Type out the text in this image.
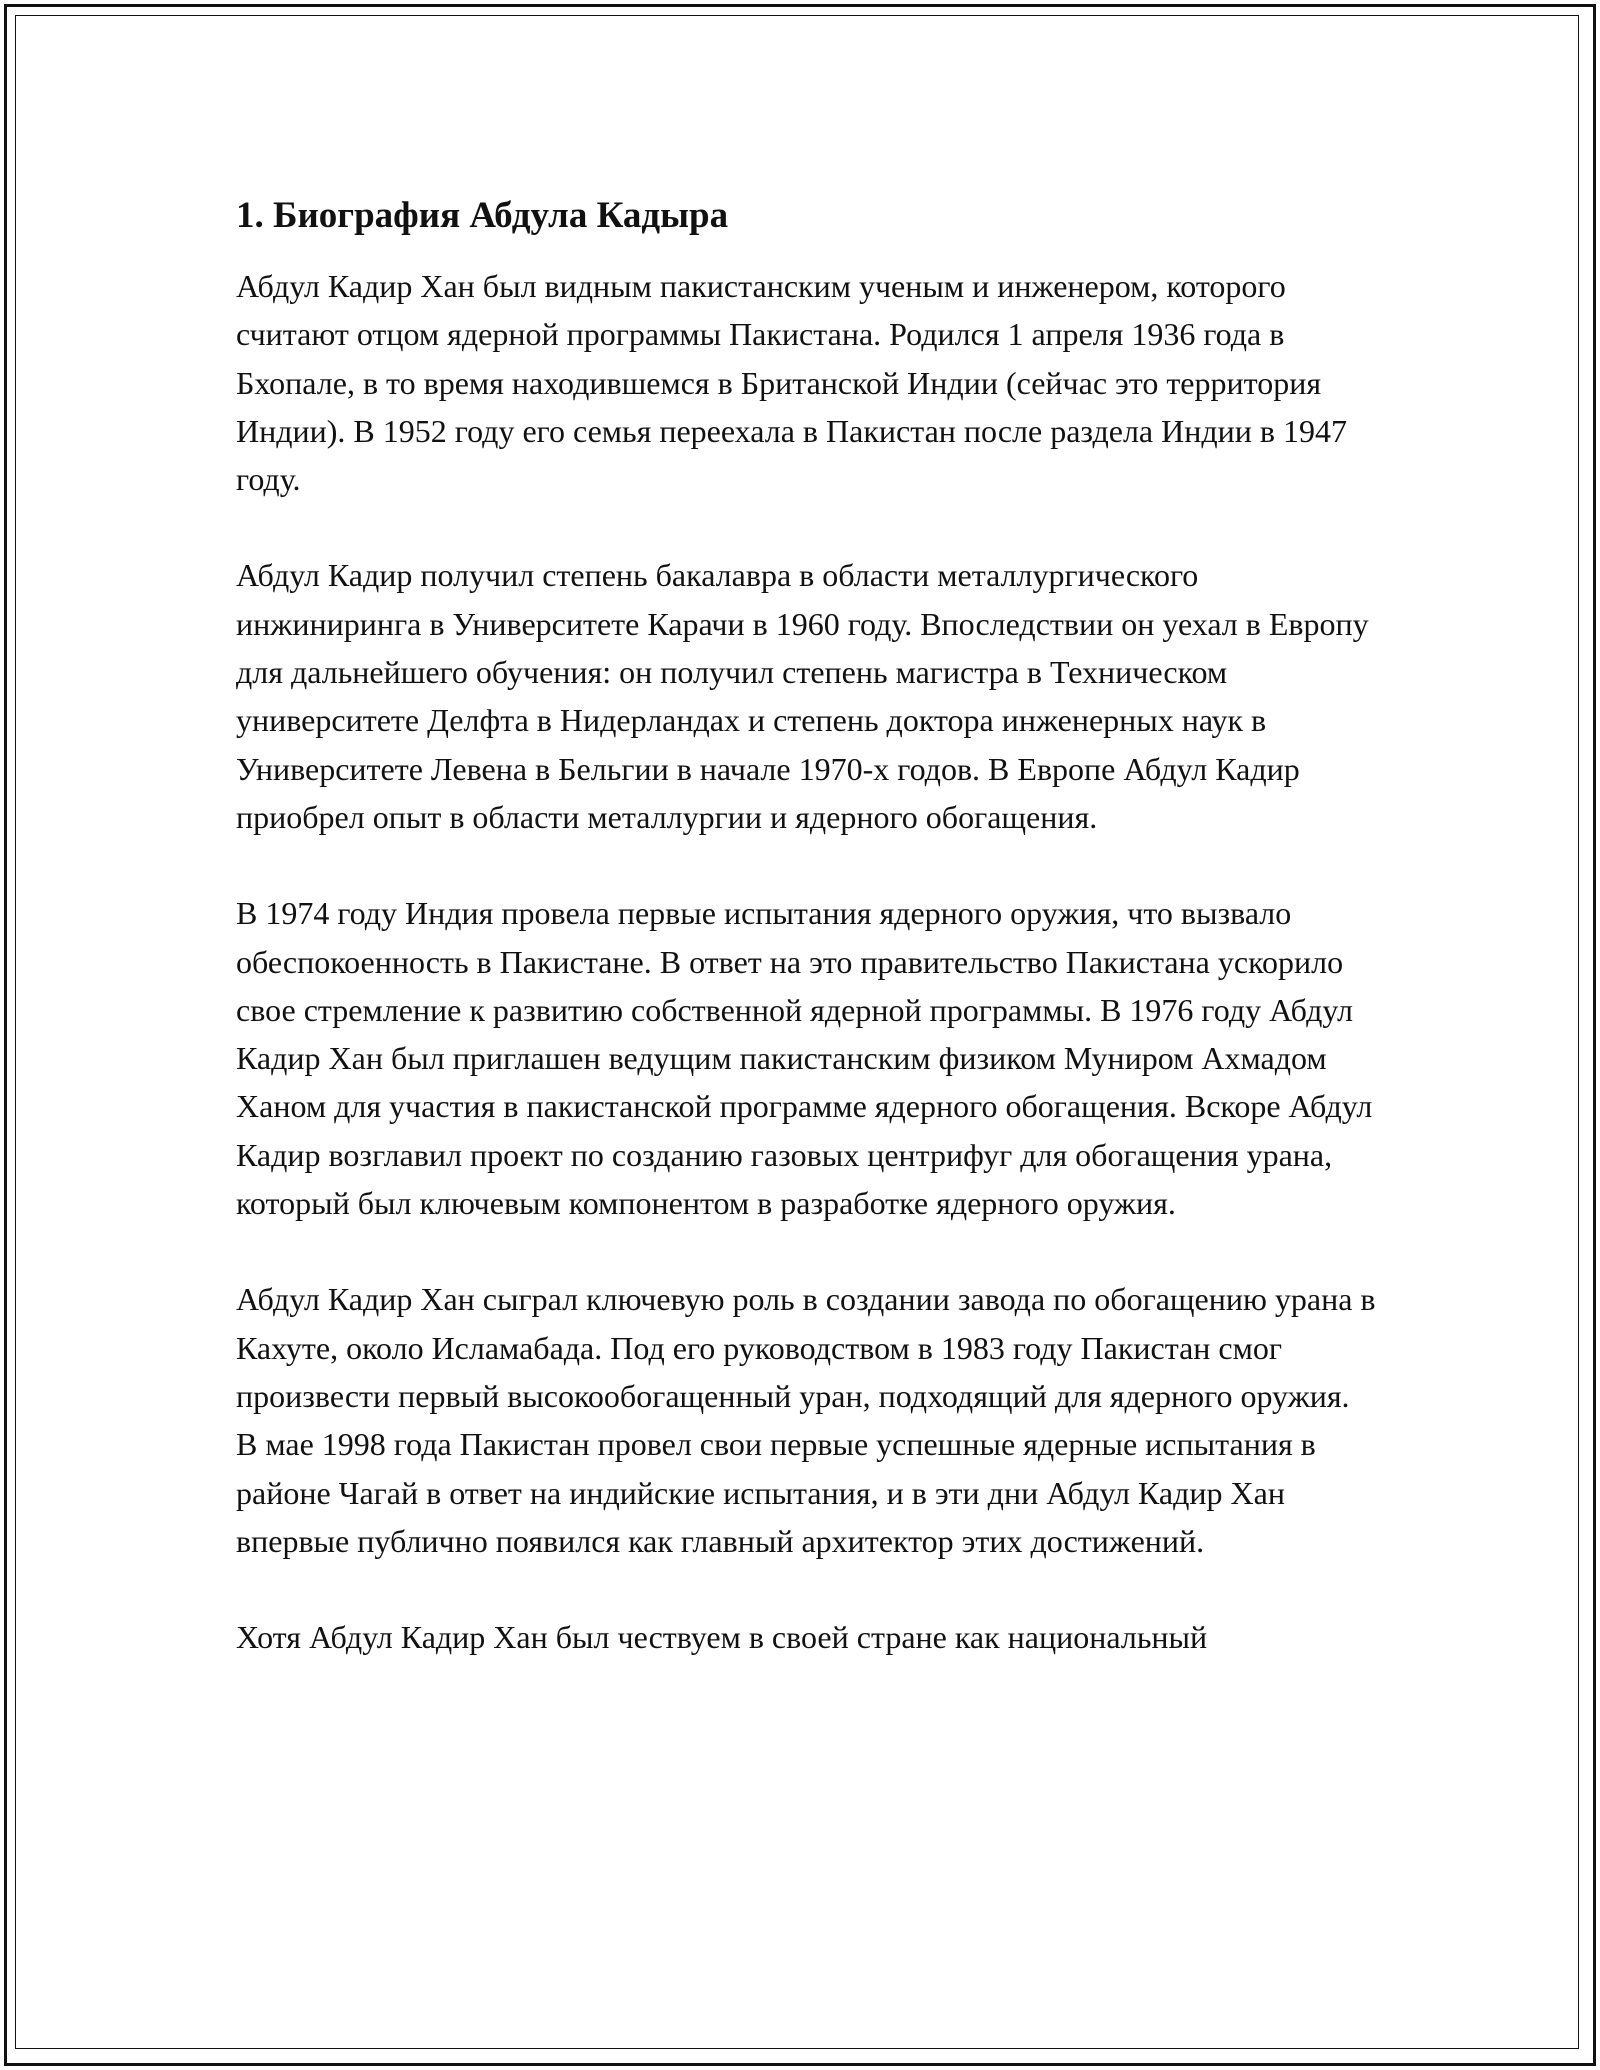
1. Биография Абдула Кадыра

Абдул Кадир Хан был видным пакистанским ученым и инженером, которого считают отцом ядерной программы Пакистана. Родился 1 апреля 1936 года в Бхопале, в то время находившемся в Британской Индии (сейчас это территория Индии). В 1952 году его семья переехала в Пакистан после раздела Индии в 1947 году.

Абдул Кадир получил степень бакалавра в области металлургического инжиниринга в Университете Карачи в 1960 году. Впоследствии он уехал в Европу для дальнейшего обучения: он получил степень магистра в Техническом университете Делфта в Нидерландах и степень доктора инженерных наук в Университете Левена в Бельгии в начале 1970-х годов. В Европе Абдул Кадир приобрел опыт в области металлургии и ядерного обогащения.

В 1974 году Индия провела первые испытания ядерного оружия, что вызвало обеспокоенность в Пакистане. В ответ на это правительство Пакистана ускорило свое стремление к развитию собственной ядерной программы. В 1976 году Абдул Кадир Хан был приглашен ведущим пакистанским физиком Муниром Ахмадом Ханом для участия в пакистанской программе ядерного обогащения. Вскоре Абдул Кадир возглавил проект по созданию газовых центрифуг для обогащения урана, который был ключевым компонентом в разработке ядерного оружия.

Абдул Кадир Хан сыграл ключевую роль в создании завода по обогащению урана в Кахуте, около Исламабада. Под его руководством в 1983 году Пакистан смог произвести первый высокообогащенный уран, подходящий для ядерного оружия. В мае 1998 года Пакистан провел свои первые успешные ядерные испытания в районе Чагай в ответ на индийские испытания, и в эти дни Абдул Кадир Хан впервые публично появился как главный архитектор этих достижений.

Хотя Абдул Кадир Хан был чествуем в своей стране как национальный
